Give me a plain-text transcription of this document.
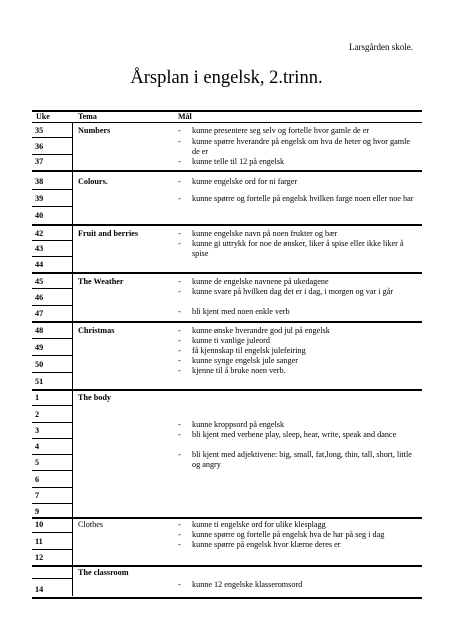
Larsgården skole.
Årsplan i engelsk, 2.trinn.
Uke	Tema	Mål
35
36
37
38
39
40
42
43
44
45
46
47
48
49
50
51
1
2
3
4
5
6
7
9
10
11
12
14
Numbers
Colours.
Fruit and berries
The Weather
Christmas
The body
Clothes
The classroom
- kunne presentere seg selv og fortelle hvor gamle de er
- kunne spørre hverandre på engelsk om hva de heter og hvor gamle de er
- kunne telle til 12 på engelsk
- kunne engelske ord for ni farger
- kunne spørre og fortelle på engelsk hvilken farge noen eller noe har
- kunne engelske navn på noen frukter og bær
- kunne gi uttrykk for noe de ønsker, liker å spise eller ikke liker å spise
- kunne de engelske navnene på ukedagene
- kunne svare på hvilken dag det er i dag, i morgen og var i går
- bli kjent med noen enkle verb
- kunne ønske hverandre god jul på engelsk
- kunne ti vanlige juleord
- få kjennskap til engelsk julefeiring
- kunne synge engelsk jule sanger
- kjenne til å bruke noen verb.
- kunne kroppsord på engelsk
- bli kjent med verbene play, sleep, hear, write, speak and dance
- bli kjent med adjektivene: big, small, fat,long, thin, tall, short, little og angry
- kunne ti engelske ord for ulike klesplagg
- kunne spørre og fortelle på engelsk hva de har på seg i dag
- kunne spørre på engelsk hvor klærne deres er
- kunne 12 engelske klasseromsord
